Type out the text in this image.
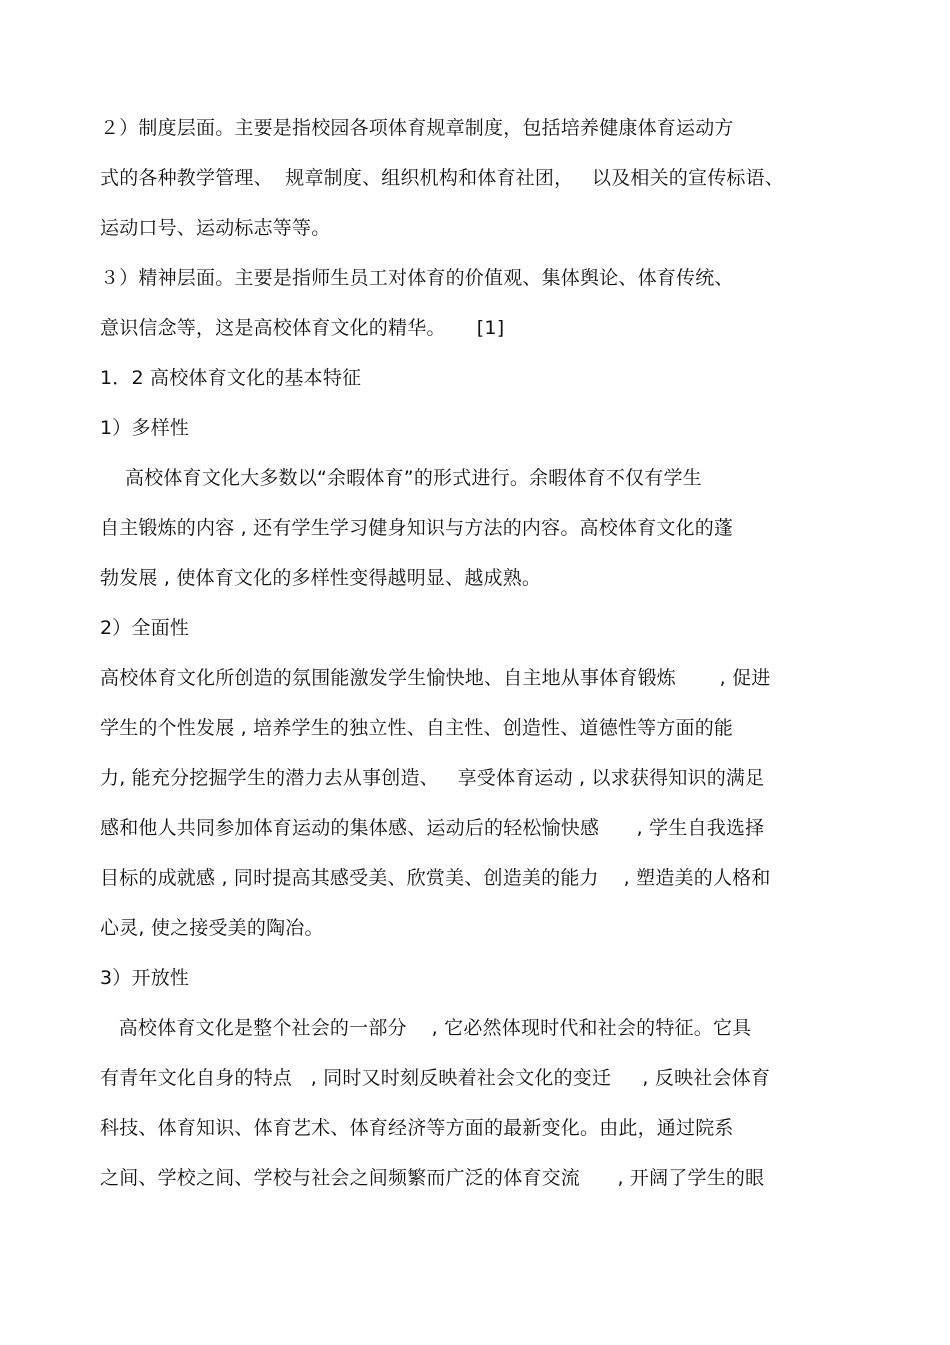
２）制度层面。主要是指校园各项体育规章制度，包括培养健康体育运动方
式的各种教学管理、  规章制度、组织机构和体育社团，   以及相关的宣传标语、
运动口号、运动标志等等。
３）精神层面。主要是指师生员工对体育的价值观、集体舆论、体育传统、
意识信念等，这是高校体育文化的精华。     [1]
1．2 高校体育文化的基本特征
1）多样性
高校体育文化大多数以“余暇体育”的形式进行。余暇体育不仅有学生
自主锻炼的内容 , 还有学生学习健身知识与方法的内容。高校体育文化的蓬
勃发展 , 使体育文化的多样性变得越明显、越成熟。
2）全面性
高校体育文化所创造的氛围能激发学生愉快地、自主地从事体育锻炼       , 促进
学生的个性发展 , 培养学生的独立性、自主性、创造性、道德性等方面的能
力, 能充分挖掘学生的潜力去从事创造、   享受体育运动 , 以求获得知识的满足
感和他人共同参加体育运动的集体感、运动后的轻松愉快感      , 学生自我选择
目标的成就感 , 同时提高其感受美、欣赏美、创造美的能力    , 塑造美的人格和
心灵, 使之接受美的陶冶。
3）开放性
高校体育文化是整个社会的一部分    , 它必然体现时代和社会的特征。它具
有青年文化自身的特点   , 同时又时刻反映着社会文化的变迁     , 反映社会体育
科技、体育知识、体育艺术、体育经济等方面的最新变化。由此，通过院系
之间、学校之间、学校与社会之间频繁而广泛的体育交流      , 开阔了学生的眼
